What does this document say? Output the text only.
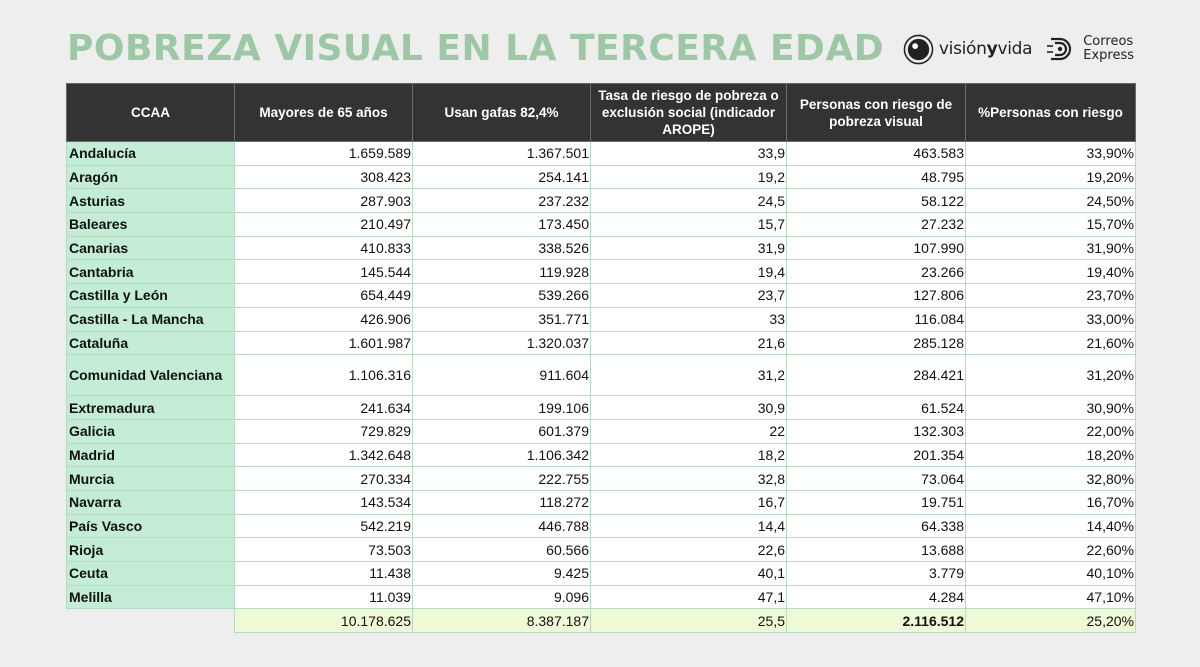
POBREZA VISUAL EN LA TERCERA EDAD	visiónyvida	Correos
Express
CCAA	Mayores de 65 años	Usan gafas 82,4%	Tasa de riesgo de pobreza o exclusión social (indicador AROPE)	Personas con riesgo de pobreza visual	%Personas con riesgo
Andalucía	1.659.589	1.367.501	33,9	463.583	33,90%
Aragón	308.423	254.141	19,2	48.795	19,20%
Asturias	287.903	237.232	24,5	58.122	24,50%
Baleares	210.497	173.450	15,7	27.232	15,70%
Canarias	410.833	338.526	31,9	107.990	31,90%
Cantabria	145.544	119.928	19,4	23.266	19,40%
Castilla y León	654.449	539.266	23,7	127.806	23,70%
Castilla - La Mancha	426.906	351.771	33	116.084	33,00%
Cataluña	1.601.987	1.320.037	21,6	285.128	21,60%
Comunidad Valenciana	1.106.316	911.604	31,2	284.421	31,20%
Extremadura	241.634	199.106	30,9	61.524	30,90%
Galicia	729.829	601.379	22	132.303	22,00%
Madrid	1.342.648	1.106.342	18,2	201.354	18,20%
Murcia	270.334	222.755	32,8	73.064	32,80%
Navarra	143.534	118.272	16,7	19.751	16,70%
País Vasco	542.219	446.788	14,4	64.338	14,40%
Rioja	73.503	60.566	22,6	13.688	22,60%
Ceuta	11.438	9.425	40,1	3.779	40,10%
Melilla	11.039	9.096	47,1	4.284	47,10%
	10.178.625	8.387.187	25,5	2.116.512	25,20%
